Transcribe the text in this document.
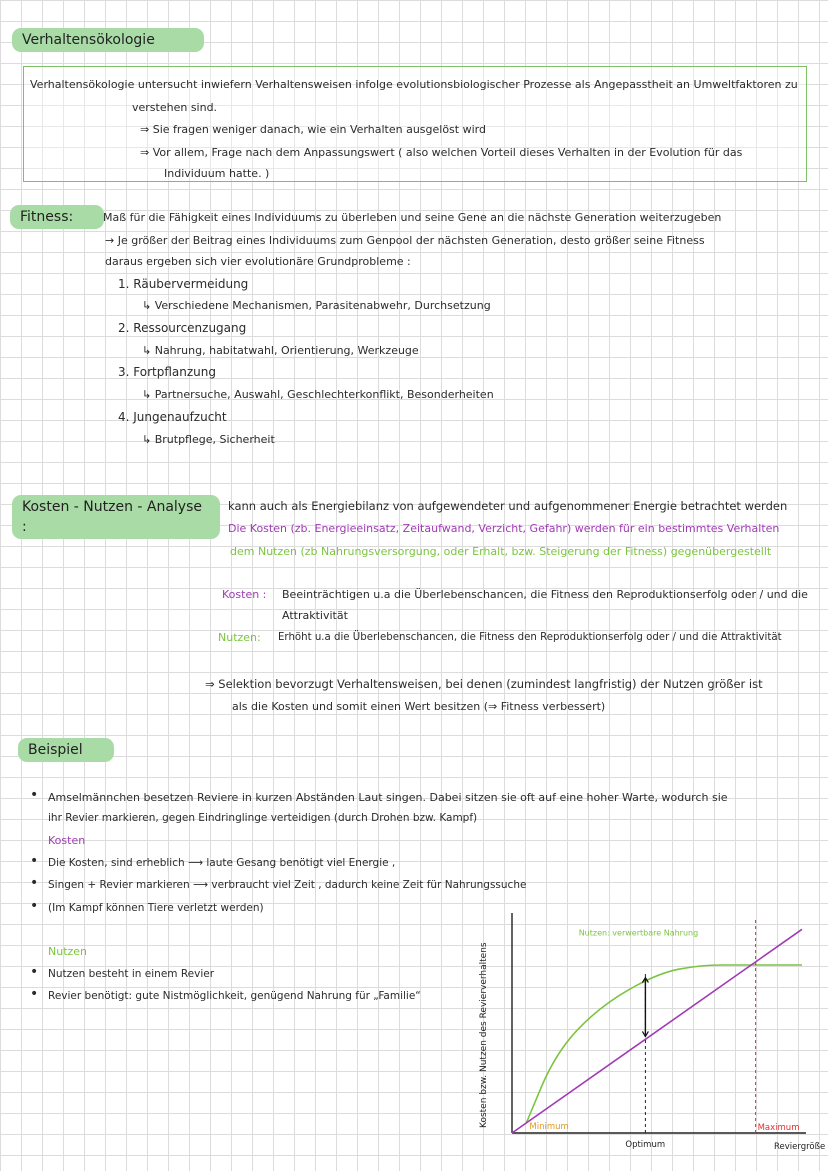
Verhaltensökologie
Verhaltensökologie untersucht inwiefern Verhaltensweisen infolge evolutionsbiologischer Prozesse als Angepasstheit an Umweltfaktoren zu
verstehen sind.
⇒ Sie fragen weniger danach, wie ein Verhalten ausgelöst wird
⇒ Vor allem, Frage nach dem Anpassungswert ( also welchen Vorteil dieses Verhalten in der Evolution für das
Individuum hatte. )
Fitness:	Maß für die Fähigkeit eines Individuums zu überleben und seine Gene an die nächste Generation weiterzugeben
→ Je größer der Beitrag eines Individuums zum Genpool der nächsten Generation, desto größer seine Fitness
daraus ergeben sich vier evolutionäre Grundprobleme :
1. Räubervermeidung
↳ Verschiedene Mechanismen, Parasitenabwehr, Durchsetzung
2. Ressourcenzugang
↳ Nahrung, habitatwahl, Orientierung, Werkzeuge
3. Fortpflanzung
↳ Partnersuche, Auswahl, Geschlechterkonflikt, Besonderheiten
4. Jungenaufzucht
↳ Brutpflege, Sicherheit
Kosten - Nutzen - Analyse :
kann auch als Energiebilanz von aufgewendeter und aufgenommener Energie betrachtet werden
Die Kosten (zb. Energieeinsatz, Zeitaufwand, Verzicht, Gefahr) werden für ein bestimmtes Verhalten
dem Nutzen (zb Nahrungsversorgung, oder Erhalt, bzw. Steigerung der Fitness) gegenübergestellt
Kosten : Beeinträchtigen u.a die Überlebenschancen, die Fitness den Reproduktionserfolg oder / und die
Attraktivität
Nutzen: Erhöht u.a die Überlebenschancen, die Fitness den Reproduktionserfolg oder / und die Attraktivität
⇒ Selektion bevorzugt Verhaltensweisen, bei denen (zumindest langfristig) der Nutzen größer ist
als die Kosten und somit einen Wert besitzen (⇒ Fitness verbessert)
Beispiel
• Amselmännchen besetzen Reviere in kurzen Abständen Laut singen. Dabei sitzen sie oft auf eine hoher Warte, wodurch sie
ihr Revier markieren, gegen Eindringlinge verteidigen (durch Drohen bzw. Kampf)
Kosten
• Die Kosten, sind erheblich ⟶ laute Gesang benötigt viel Energie ,
• Singen + Revier markieren ⟶ verbraucht viel Zeit , dadurch keine Zeit für Nahrungssuche
• (Im Kampf können Tiere verletzt werden)
Nutzen
• Nutzen besteht in einem Revier
• Revier benötigt: gute Nistmöglichkeit, genügend Nahrung für „Familie“	Kosten bzw. Nutzen des Revierverhaltens
Reviergröße
Nutzen: verwertbare Nahrung
Minimum
Optimum
Maximum
